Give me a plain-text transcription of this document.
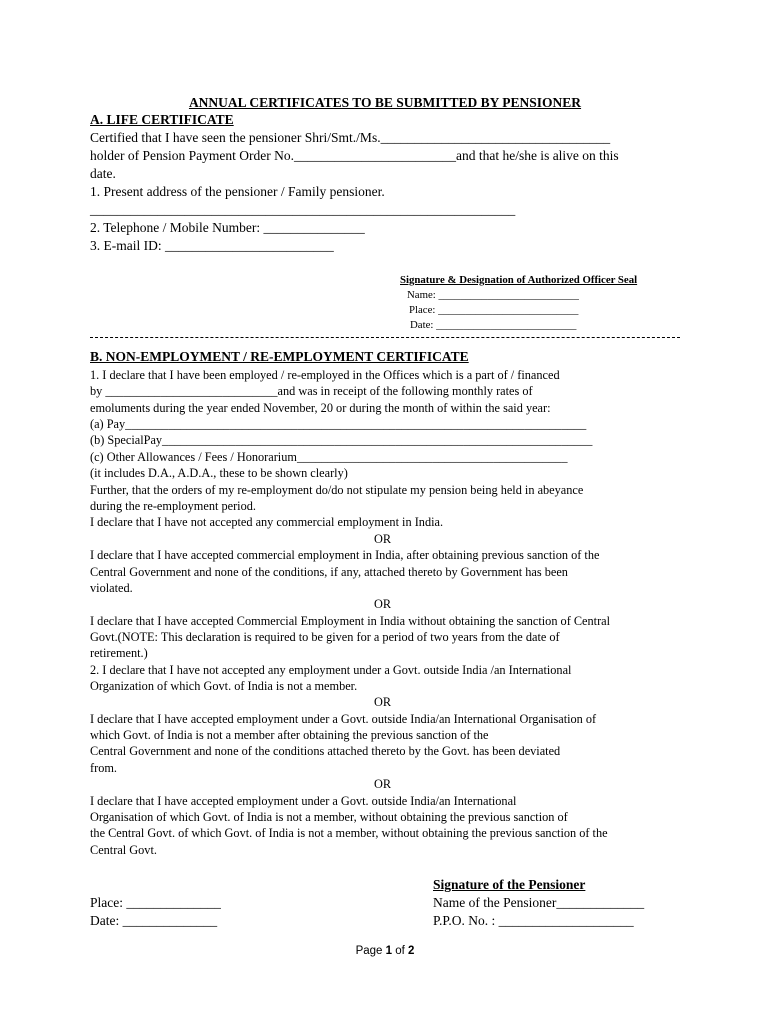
ANNUAL CERTIFICATES TO BE SUBMITTED BY PENSIONER
A. LIFE CERTIFICATE
Certified that I have seen the pensioner Shri/Smt./Ms.__________________________________
holder of Pension Payment Order No.________________________and that he/she is alive on this
date.
1. Present address of the pensioner / Family pensioner.
_______________________________________________________________
2. Telephone / Mobile Number: _______________
3. E-mail ID: _________________________
Signature & Designation of Authorized Officer Seal
Name: __________________________
Place: __________________________
Date: __________________________
B. NON-EMPLOYMENT / RE-EMPLOYMENT CERTIFICATE
1. I declare that I have been employed / re-employed in the Offices which is a part of / financed
by ____________________________and was in receipt of the following monthly rates of
emoluments during the year ended November, 20 or during the month of within the said year:
(a) Pay___________________________________________________________________________
(b) SpecialPay______________________________________________________________________
(c) Other Allowances / Fees / Honorarium____________________________________________
(it includes D.A., A.D.A., these to be shown clearly)
Further, that the orders of my re-employment do/do not stipulate my pension being held in abeyance
during the re-employment period.
I declare that I have not accepted any commercial employment in India.
OR
I declare that I have accepted commercial employment in India, after obtaining previous sanction of the
Central Government and none of the conditions, if any, attached thereto by Government has been
violated.
OR
I declare that I have accepted Commercial Employment in India without obtaining the sanction of Central
Govt.(NOTE: This declaration is required to be given for a period of two years from the date of
retirement.)
2. I declare that I have not accepted any employment under a Govt. outside India /an International
Organization of which Govt. of India is not a member.
OR
I declare that I have accepted employment under a Govt. outside India/an International Organisation of
which Govt. of India is not a member after obtaining the previous sanction of the
Central Government and none of the conditions attached thereto by the Govt. has been deviated
from.
OR
I declare that I have accepted employment under a Govt. outside India/an International
Organisation of which Govt. of India is not a member, without obtaining the previous sanction of
the Central Govt. of which Govt. of India is not a member, without obtaining the previous sanction of the
Central Govt.
Signature of the Pensioner
Name of the Pensioner_____________
P.P.O. No. : ____________________
Place: ______________
Date: ______________
Page 1 of 2
